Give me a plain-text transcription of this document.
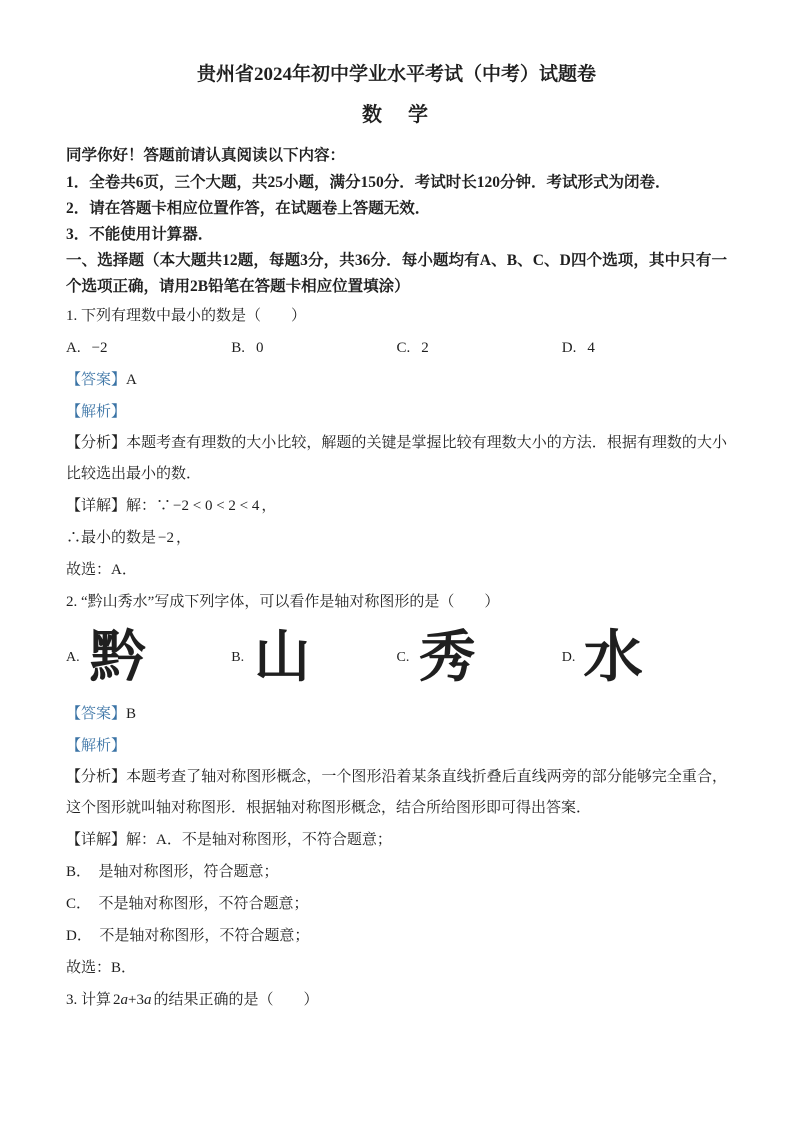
贵州省2024年初中学业水平考试（中考）试题卷
数　学
同学你好！答题前请认真阅读以下内容：
1．全卷共6页，三个大题，共25小题，满分150分．考试时长120分钟．考试形式为闭卷．
2．请在答题卡相应位置作答，在试题卷上答题无效．
3．不能使用计算器．
一、选择题（本大题共12题，每题3分，共36分．每小题均有A、B、C、D四个选项，其中只有一个选项正确，请用2B铅笔在答题卡相应位置填涂）
1. 下列有理数中最小的数是（　　）
A. −2	B. 0	C. 2	D. 4
【答案】A
【解析】

【分析】本题考查有理数的大小比较，解题的关键是掌握比较有理数大小的方法．根据有理数的大小比较选出最小的数．

【详解】解：∵ −2 < 0 < 2 < 4 ，
∴最小的数是 −2 ，
故选：A．
2. “黔山秀水”写成下列字体，可以看作是轴对称图形的是（　　）
A. 黔	B. 山	C. 秀	D. 水
【答案】B
【解析】

【分析】本题考查了轴对称图形概念，一个图形沿着某条直线折叠后直线两旁的部分能够完全重合，这个图形就叫轴对称图形．根据轴对称图形概念，结合所给图形即可得出答案．

【详解】解：A．不是轴对称图形，不符合题意；
B．　是轴对称图形，符合题意；
C．　不是轴对称图形，不符合题意；
D．　不是轴对称图形，不符合题意；
故选：B．
3. 计算 2a+3a 的结果正确的是（　　）
